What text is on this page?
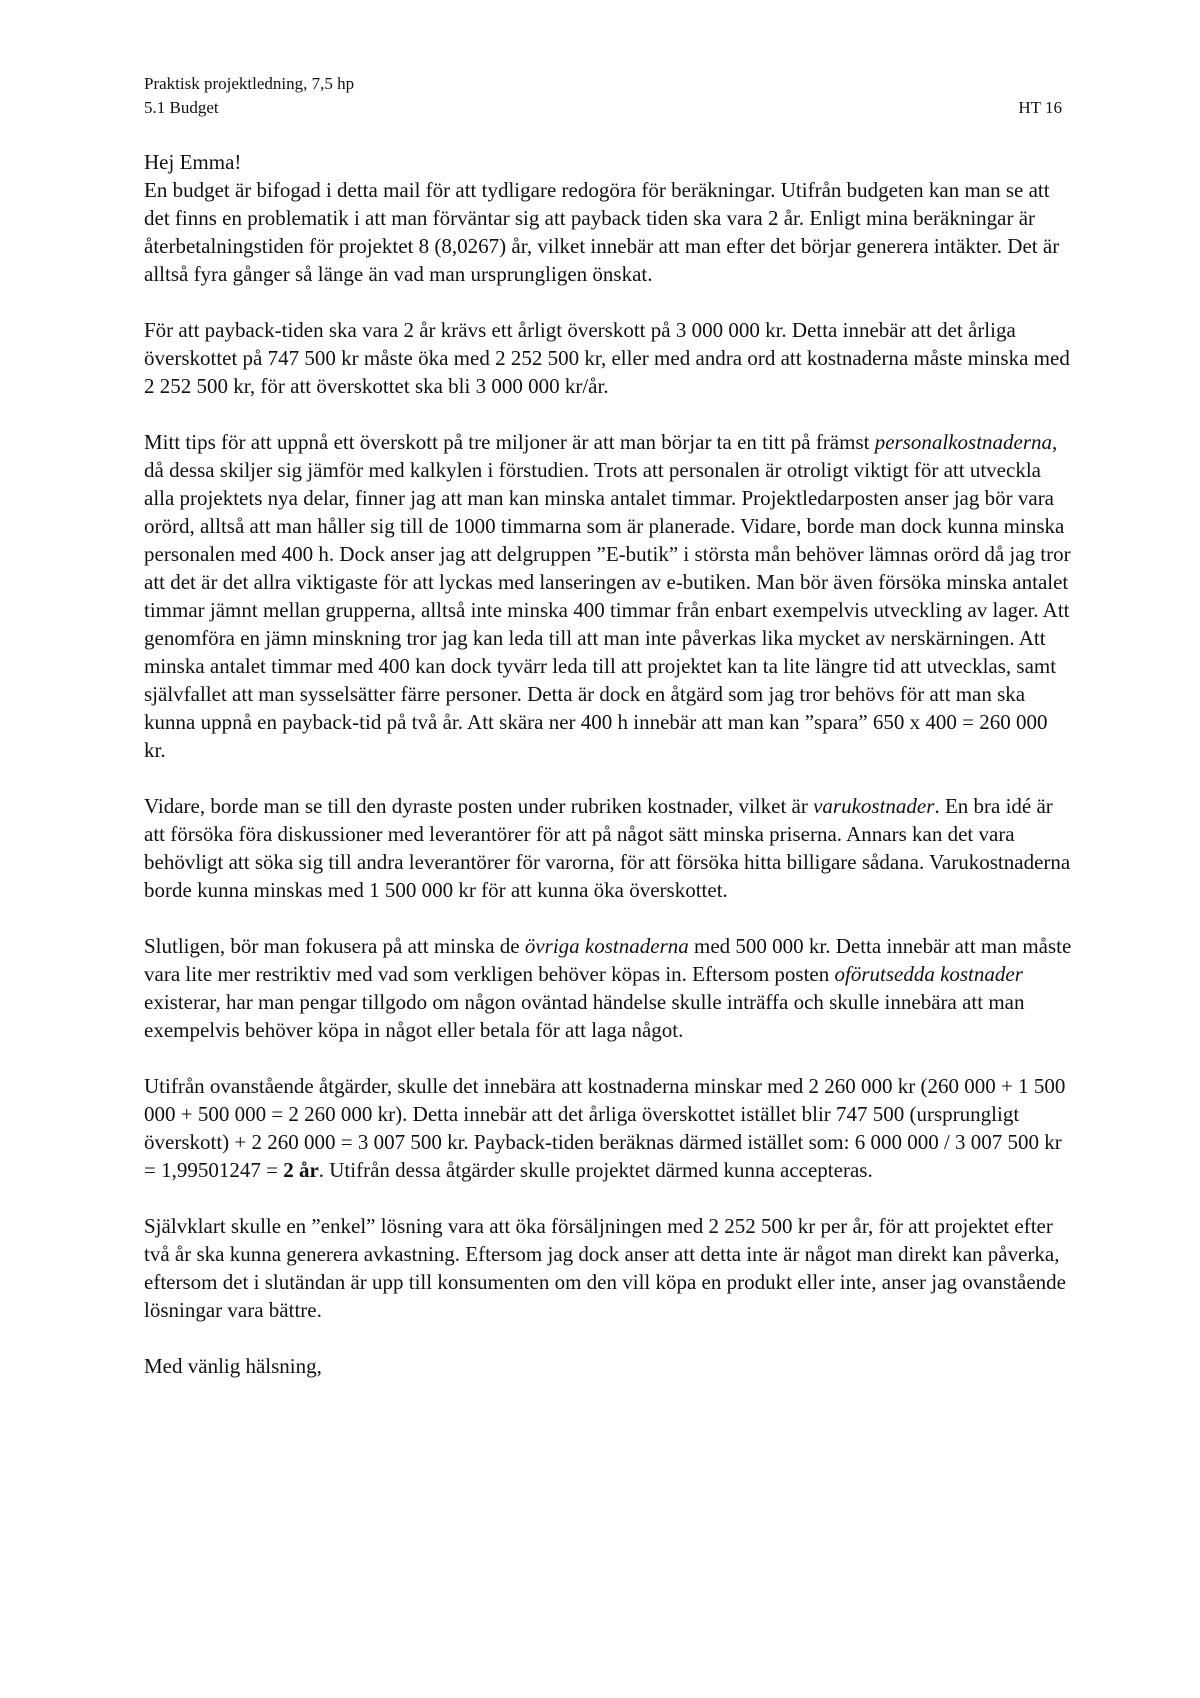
Praktisk projektledning, 7,5 hp
5.1 Budget	HT 16

Hej Emma!

En budget är bifogad i detta mail för att tydligare redogöra för beräkningar. Utifrån budgeten kan man se att det finns en problematik i att man förväntar sig att payback tiden ska vara 2 år. Enligt mina beräkningar är återbetalningstiden för projektet 8 (8,0267) år, vilket innebär att man efter det börjar generera intäkter. Det är alltså fyra gånger så länge än vad man ursprungligen önskat.

För att payback-tiden ska vara 2 år krävs ett årligt överskott på 3 000 000 kr. Detta innebär att det årliga överskottet på 747 500 kr måste öka med 2 252 500 kr, eller med andra ord att kostnaderna måste minska med 2 252 500 kr, för att överskottet ska bli 3 000 000 kr/år.

Mitt tips för att uppnå ett överskott på tre miljoner är att man börjar ta en titt på främst personalkostnaderna, då dessa skiljer sig jämför med kalkylen i förstudien. Trots att personalen är otroligt viktigt för att utveckla alla projektets nya delar, finner jag att man kan minska antalet timmar. Projektledarposten anser jag bör vara orörd, alltså att man håller sig till de 1000 timmarna som är planerade. Vidare, borde man dock kunna minska personalen med 400 h. Dock anser jag att delgruppen ”E-butik” i största mån behöver lämnas orörd då jag tror att det är det allra viktigaste för att lyckas med lanseringen av e-butiken. Man bör även försöka minska antalet timmar jämnt mellan grupperna, alltså inte minska 400 timmar från enbart exempelvis utveckling av lager. Att genomföra en jämn minskning tror jag kan leda till att man inte påverkas lika mycket av nerskärningen. Att minska antalet timmar med 400 kan dock tyvärr leda till att projektet kan ta lite längre tid att utvecklas, samt självfallet att man sysselsätter färre personer. Detta är dock en åtgärd som jag tror behövs för att man ska kunna uppnå en payback-tid på två år. Att skära ner 400 h innebär att man kan ”spara” 650 x 400 = 260 000 kr.

Vidare, borde man se till den dyraste posten under rubriken kostnader, vilket är varukostnader. En bra idé är att försöka föra diskussioner med leverantörer för att på något sätt minska priserna. Annars kan det vara behövligt att söka sig till andra leverantörer för varorna, för att försöka hitta billigare sådana. Varukostnaderna borde kunna minskas med 1 500 000 kr för att kunna öka överskottet.

Slutligen, bör man fokusera på att minska de övriga kostnaderna med 500 000 kr. Detta innebär att man måste vara lite mer restriktiv med vad som verkligen behöver köpas in. Eftersom posten oförutsedda kostnader existerar, har man pengar tillgodo om någon oväntad händelse skulle inträffa och skulle innebära att man exempelvis behöver köpa in något eller betala för att laga något.

Utifrån ovanstående åtgärder, skulle det innebära att kostnaderna minskar med 2 260 000 kr (260 000 + 1 500 000 + 500 000 = 2 260 000 kr). Detta innebär att det årliga överskottet istället blir 747 500 (ursprungligt överskott) + 2 260 000 = 3 007 500 kr. Payback-tiden beräknas därmed istället som: 6 000 000 / 3 007 500 kr = 1,99501247 = 2 år. Utifrån dessa åtgärder skulle projektet därmed kunna accepteras.

Självklart skulle en ”enkel” lösning vara att öka försäljningen med 2 252 500 kr per år, för att projektet efter två år ska kunna generera avkastning. Eftersom jag dock anser att detta inte är något man direkt kan påverka, eftersom det i slutändan är upp till konsumenten om den vill köpa en produkt eller inte, anser jag ovanstående lösningar vara bättre.

Med vänlig hälsning,
